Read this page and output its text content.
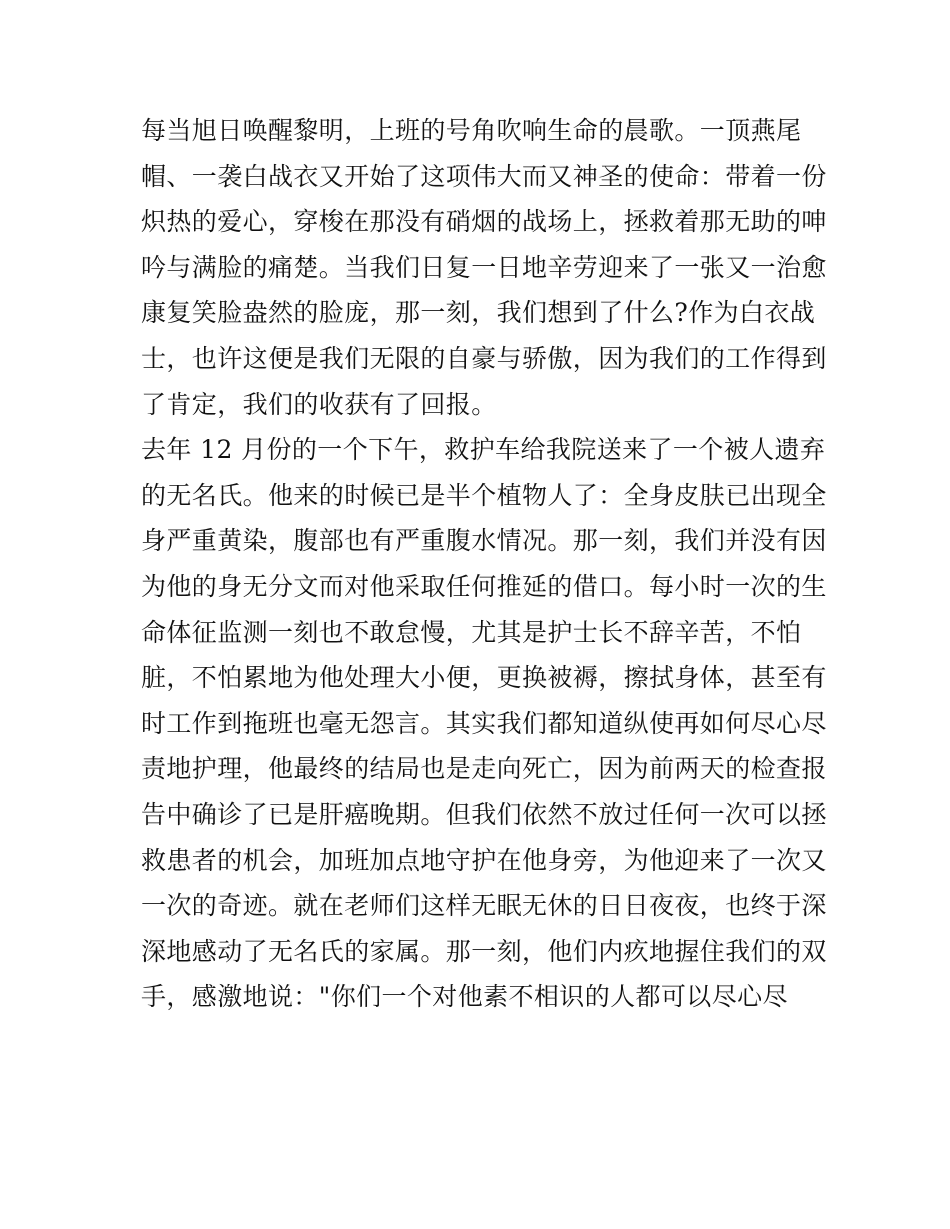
每当旭日唤醒黎明，上班的号角吹响生命的晨歌。一顶燕尾
帽、一袭白战衣又开始了这项伟大而又神圣的使命：带着一份
炽热的爱心，穿梭在那没有硝烟的战场上，拯救着那无助的呻
吟与满脸的痛楚。当我们日复一日地辛劳迎来了一张又一治愈
康复笑脸盎然的脸庞，那一刻，我们想到了什么?作为白衣战
士，也许这便是我们无限的自豪与骄傲，因为我们的工作得到
了肯定，我们的收获有了回报。
去年 12 月份的一个下午，救护车给我院送来了一个被人遗弃
的无名氏。他来的时候已是半个植物人了：全身皮肤已出现全
身严重黄染，腹部也有严重腹水情况。那一刻，我们并没有因
为他的身无分文而对他采取任何推延的借口。每小时一次的生
命体征监测一刻也不敢怠慢，尤其是护士长不辞辛苦，不怕
脏，不怕累地为他处理大小便，更换被褥，擦拭身体，甚至有
时工作到拖班也毫无怨言。其实我们都知道纵使再如何尽心尽
责地护理，他最终的结局也是走向死亡，因为前两天的检查报
告中确诊了已是肝癌晚期。但我们依然不放过任何一次可以拯
救患者的机会，加班加点地守护在他身旁，为他迎来了一次又
一次的奇迹。就在老师们这样无眠无休的日日夜夜，也终于深
深地感动了无名氏的家属。那一刻，他们内疚地握住我们的双
手，感激地说："你们一个对他素不相识的人都可以尽心尽
